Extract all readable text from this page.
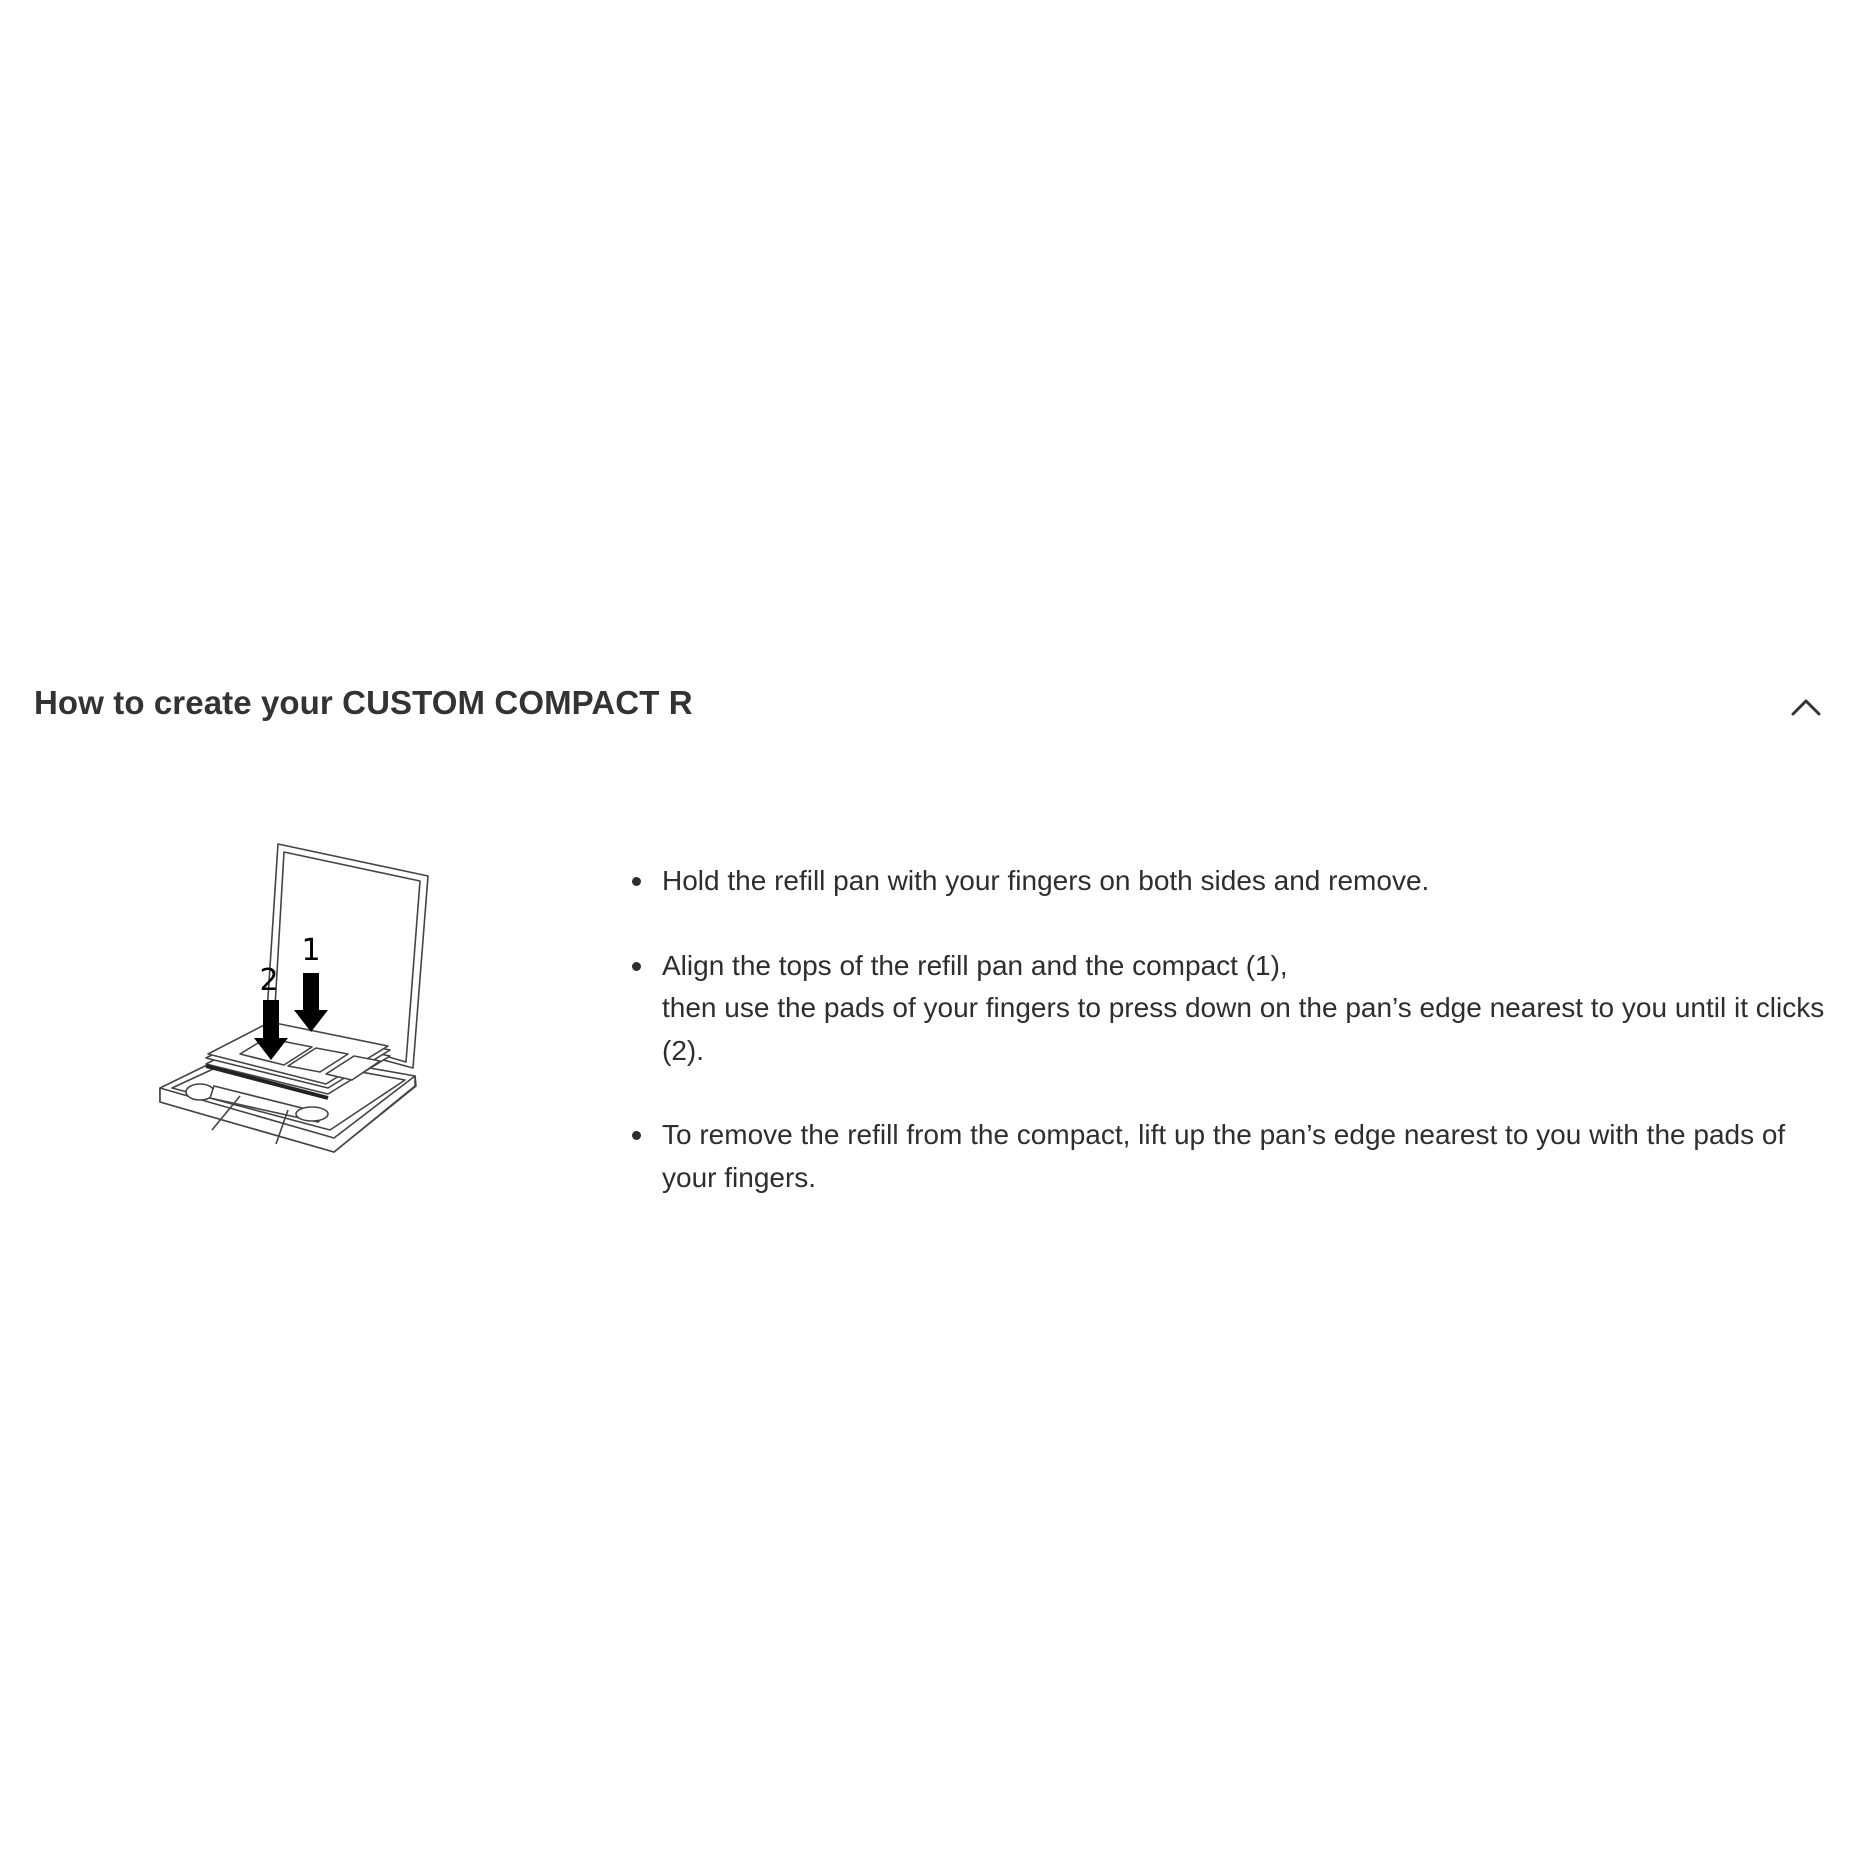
How to create your CUSTOM COMPACT R
1
2
Hold the refill pan with your fingers on both sides and remove.
Align the tops of the refill pan and the compact (1),
then use the pads of your fingers to press down on the pan’s edge nearest to you until it clicks (2).
To remove the refill from the compact, lift up the pan’s edge nearest to you with the pads of your fingers.
